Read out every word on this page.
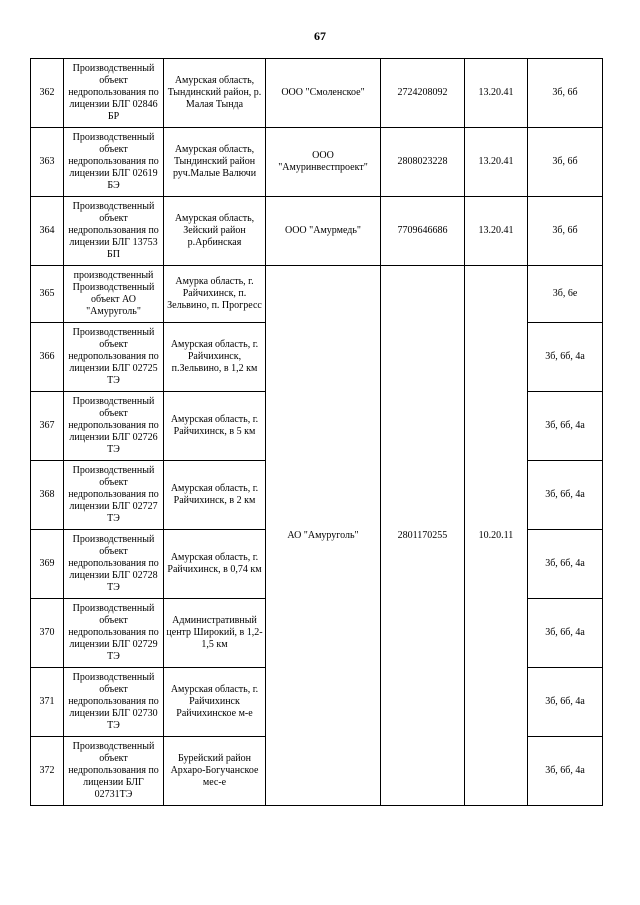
67
362	Производственный объект недропользования по лицензии БЛГ 02846 БР	Амурская область, Тындинский район, р. Малая Тында	ООО "Смоленское"	2724208092	13.20.41	3б, 6б
363	Производственный объект недропользования по лицензии БЛГ 02619 БЭ	Амурская область, Тындинский район руч.Малые Валючи	ООО "Амуринвестпроект"	2808023228	13.20.41	3б, 6б
364	Производственный объект недропользования по лицензии БЛГ 13753 БП	Амурская область, Зейский район р.Арбинская	ООО "Амурмедь"	7709646686	13.20.41	3б, 6б
365	производственный Производственный объект АО "Амуруголь"	Амурка область, г. Райчихинск, п. Зельвино, п. Прогресс	АО "Амуруголь"	2801170255	10.20.11	3б, 6е
366	Производственный объект недропользования по лицензии БЛГ 02725 ТЭ	Амурская область, г. Райчихинск, п.Зельвино, в 1,2 км				3б, 6б, 4а
367	Производственный объект недропользования по лицензии БЛГ 02726 ТЭ	Амурская область, г. Райчихинск, в 5 км				3б, 6б, 4а
368	Производственный объект недропользования по лицензии БЛГ 02727 ТЭ	Амурская область, г. Райчихинск, в 2 км				3б, 6б, 4а
369	Производственный объект недропользования по лицензии БЛГ 02728 ТЭ	Амурская область, г. Райчихинск, в 0,74 км				3б, 6б, 4а
370	Производственный объект недропользования по лицензии БЛГ 02729 ТЭ	Административный центр Широкий, в 1,2-1,5 км				3б, 6б, 4а
371	Производственный объект недропользования по лицензии БЛГ 02730 ТЭ	Амурская область, г. Райчихинск Райчихинское м-е				3б, 6б, 4а
372	Производственный объект недропользования по лицензии БЛГ 02731ТЭ	Бурейский район Архаро-Богучанское мес-е				3б, 6б, 4а
